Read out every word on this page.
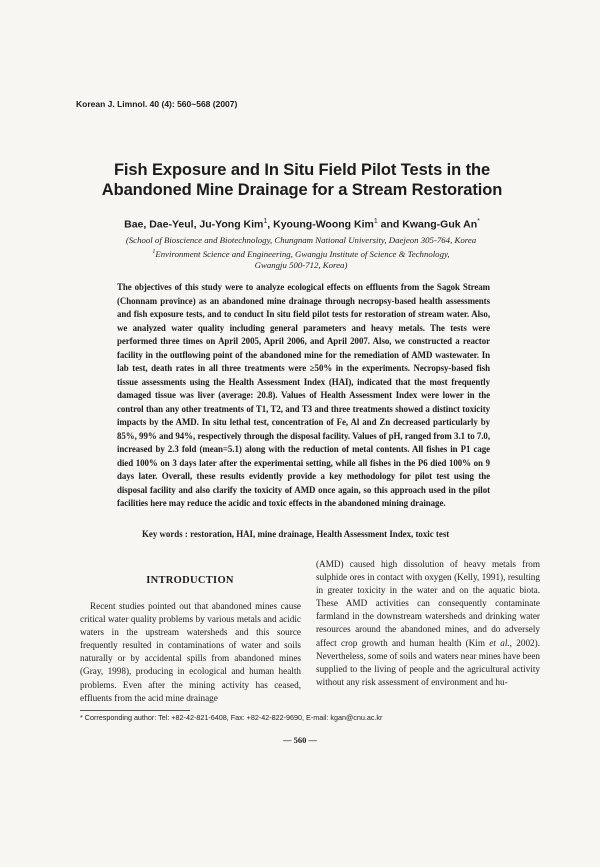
Korean J. Limnol. 40 (4): 560~568 (2007)
Fish Exposure and In Situ Field Pilot Tests in the
Abandoned Mine Drainage for a Stream Restoration
Bae, Dae-Yeul, Ju-Yong Kim$^1$, Kyoung-Woong Kim$^1$ and Kwang-Guk An*
(School of Bioscience and Biotechnology, Chungnam National University, Daejeon 305-764, Korea
$^1$Environment Science and Engineering, Gwangju Institute of Science & Technology,
Gwangju 500-712, Korea)
The objectives of this study were to analyze ecological effects on effluents from the Sagok Stream (Chonnam province) as an abandoned mine drainage through necropsy-based health assessments and fish exposure tests, and to conduct In situ field pilot tests for restoration of stream water. Also, we analyzed water quality including general parameters and heavy metals. The tests were performed three times on April 2005, April 2006, and April 2007. Also, we constructed a reactor facility in the outflowing point of the abandoned mine for the remediation of AMD wastewater. In lab test, death rates in all three treatments were ≥50% in the experiments. Necropsy-based fish tissue assessments using the Health Assessment Index (HAI), indicated that the most frequently damaged tissue was liver (average: 20.8). Values of Health Assessment Index were lower in the control than any other treatments of T1, T2, and T3 and three treatments showed a distinct toxicity impacts by the AMD. In situ lethal test, concentration of Fe, Al and Zn decreased particularly by 85%, 99% and 94%, respectively through the disposal facility. Values of pH, ranged from 3.1 to 7.0, increased by 2.3 fold (mean=5.1) along with the reduction of metal contents. All fishes in P1 cage died 100% on 3 days later after the experimentai setting, while all fishes in the P6 died 100% on 9 days later. Overall, these results evidently provide a key methodology for pilot test using the disposal facility and also clarify the toxicity of AMD once again, so this approach used in the pilot facilities here may reduce the acidic and toxic effects in the abandoned mining drainage.
Key words : restoration, HAI, mine drainage, Health Assessment Index, toxic test
INTRODUCTION
Recent studies pointed out that abandoned mines cause critical water quality problems by various metals and acidic waters in the upstream watersheds and this source frequently resulted in contaminations of water and soils naturally or by accidental spills from abandoned mines (Gray, 1998), producing in ecological and human health problems. Even after the mining activity has ceased, effluents from the acid mine drainage
(AMD) caused high dissolution of heavy metals from sulphide ores in contact with oxygen (Kelly, 1991), resulting in greater toxicity in the water and on the aquatic biota. These AMD activities can consequently contaminate farmland in the downstream watersheds and drinking water resources around the abandoned mines, and do adversely affect crop growth and human health (Kim et al., 2002). Nevertheless, some of soils and waters near mines have been supplied to the living of people and the agricultural activity without any risk assessment of environment and hu-
* Corresponding author: Tel: +82-42-821-6408, Fax: +82-42-822-9690, E-mail: kgan@cnu.ac.kr
— 560 —
